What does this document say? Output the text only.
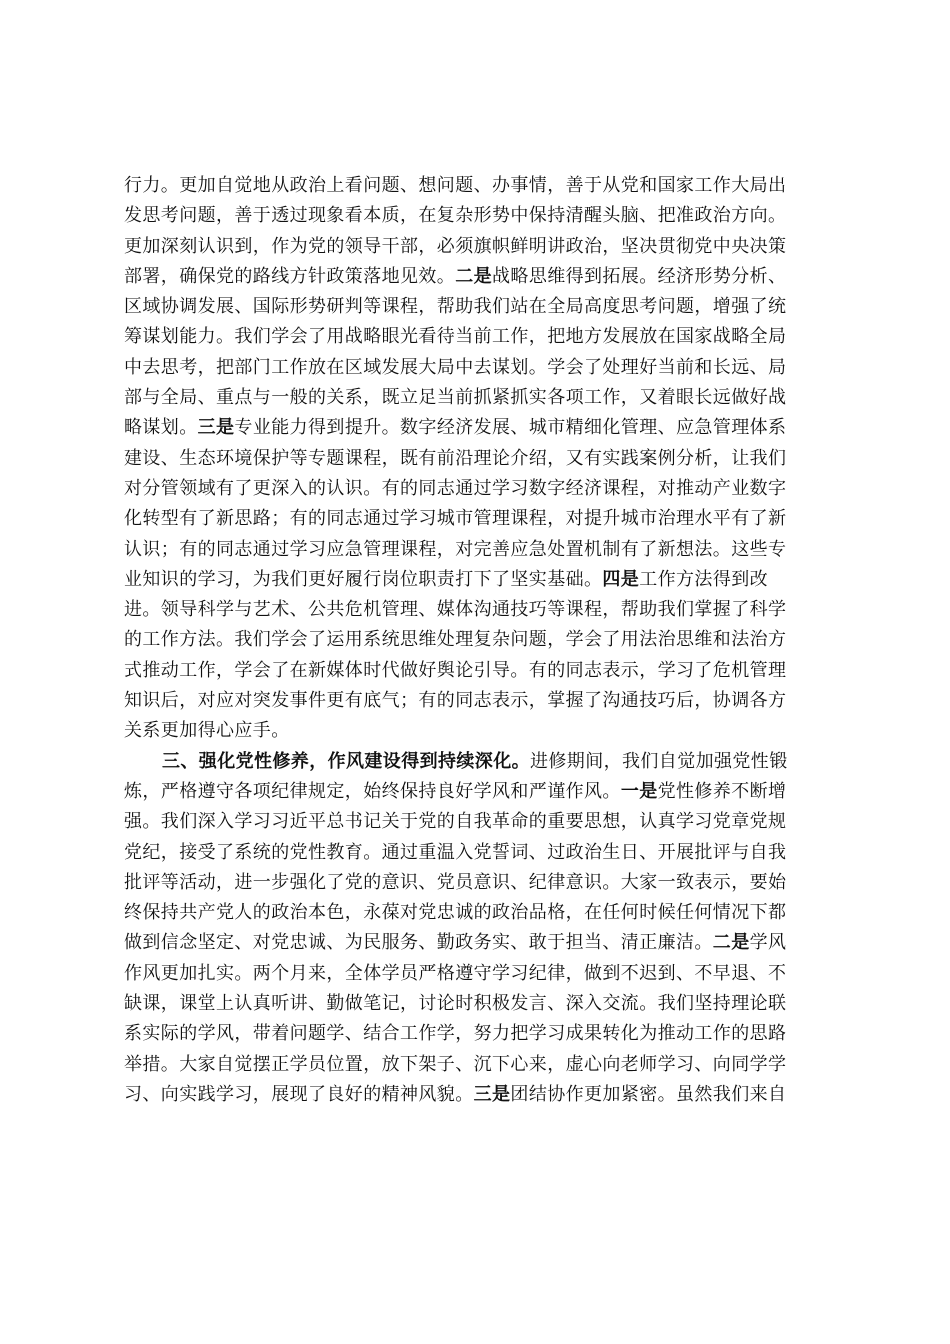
行力。更加自觉地从政治上看问题、想问题、办事情，善于从党和国家工作大局出
发思考问题，善于透过现象看本质，在复杂形势中保持清醒头脑、把准政治方向。
更加深刻认识到，作为党的领导干部，必须旗帜鲜明讲政治，坚决贯彻党中央决策
部署，确保党的路线方针政策落地见效。二是战略思维得到拓展。经济形势分析、
区域协调发展、国际形势研判等课程，帮助我们站在全局高度思考问题，增强了统
筹谋划能力。我们学会了用战略眼光看待当前工作，把地方发展放在国家战略全局
中去思考，把部门工作放在区域发展大局中去谋划。学会了处理好当前和长远、局
部与全局、重点与一般的关系，既立足当前抓紧抓实各项工作，又着眼长远做好战
略谋划。三是专业能力得到提升。数字经济发展、城市精细化管理、应急管理体系
建设、生态环境保护等专题课程，既有前沿理论介绍，又有实践案例分析，让我们
对分管领域有了更深入的认识。有的同志通过学习数字经济课程，对推动产业数字
化转型有了新思路；有的同志通过学习城市管理课程，对提升城市治理水平有了新
认识；有的同志通过学习应急管理课程，对完善应急处置机制有了新想法。这些专
业知识的学习，为我们更好履行岗位职责打下了坚实基础。四是工作方法得到改
进。领导科学与艺术、公共危机管理、媒体沟通技巧等课程，帮助我们掌握了科学
的工作方法。我们学会了运用系统思维处理复杂问题，学会了用法治思维和法治方
式推动工作，学会了在新媒体时代做好舆论引导。有的同志表示，学习了危机管理
知识后，对应对突发事件更有底气；有的同志表示，掌握了沟通技巧后，协调各方
关系更加得心应手。
三、强化党性修养，作风建设得到持续深化。进修期间，我们自觉加强党性锻
炼，严格遵守各项纪律规定，始终保持良好学风和严谨作风。一是党性修养不断增
强。我们深入学习习近平总书记关于党的自我革命的重要思想，认真学习党章党规
党纪，接受了系统的党性教育。通过重温入党誓词、过政治生日、开展批评与自我
批评等活动，进一步强化了党的意识、党员意识、纪律意识。大家一致表示，要始
终保持共产党人的政治本色，永葆对党忠诚的政治品格，在任何时候任何情况下都
做到信念坚定、对党忠诚、为民服务、勤政务实、敢于担当、清正廉洁。二是学风
作风更加扎实。两个月来，全体学员严格遵守学习纪律，做到不迟到、不早退、不
缺课，课堂上认真听讲、勤做笔记，讨论时积极发言、深入交流。我们坚持理论联
系实际的学风，带着问题学、结合工作学，努力把学习成果转化为推动工作的思路
举措。大家自觉摆正学员位置，放下架子、沉下心来，虚心向老师学习、向同学学
习、向实践学习，展现了良好的精神风貌。三是团结协作更加紧密。虽然我们来自
